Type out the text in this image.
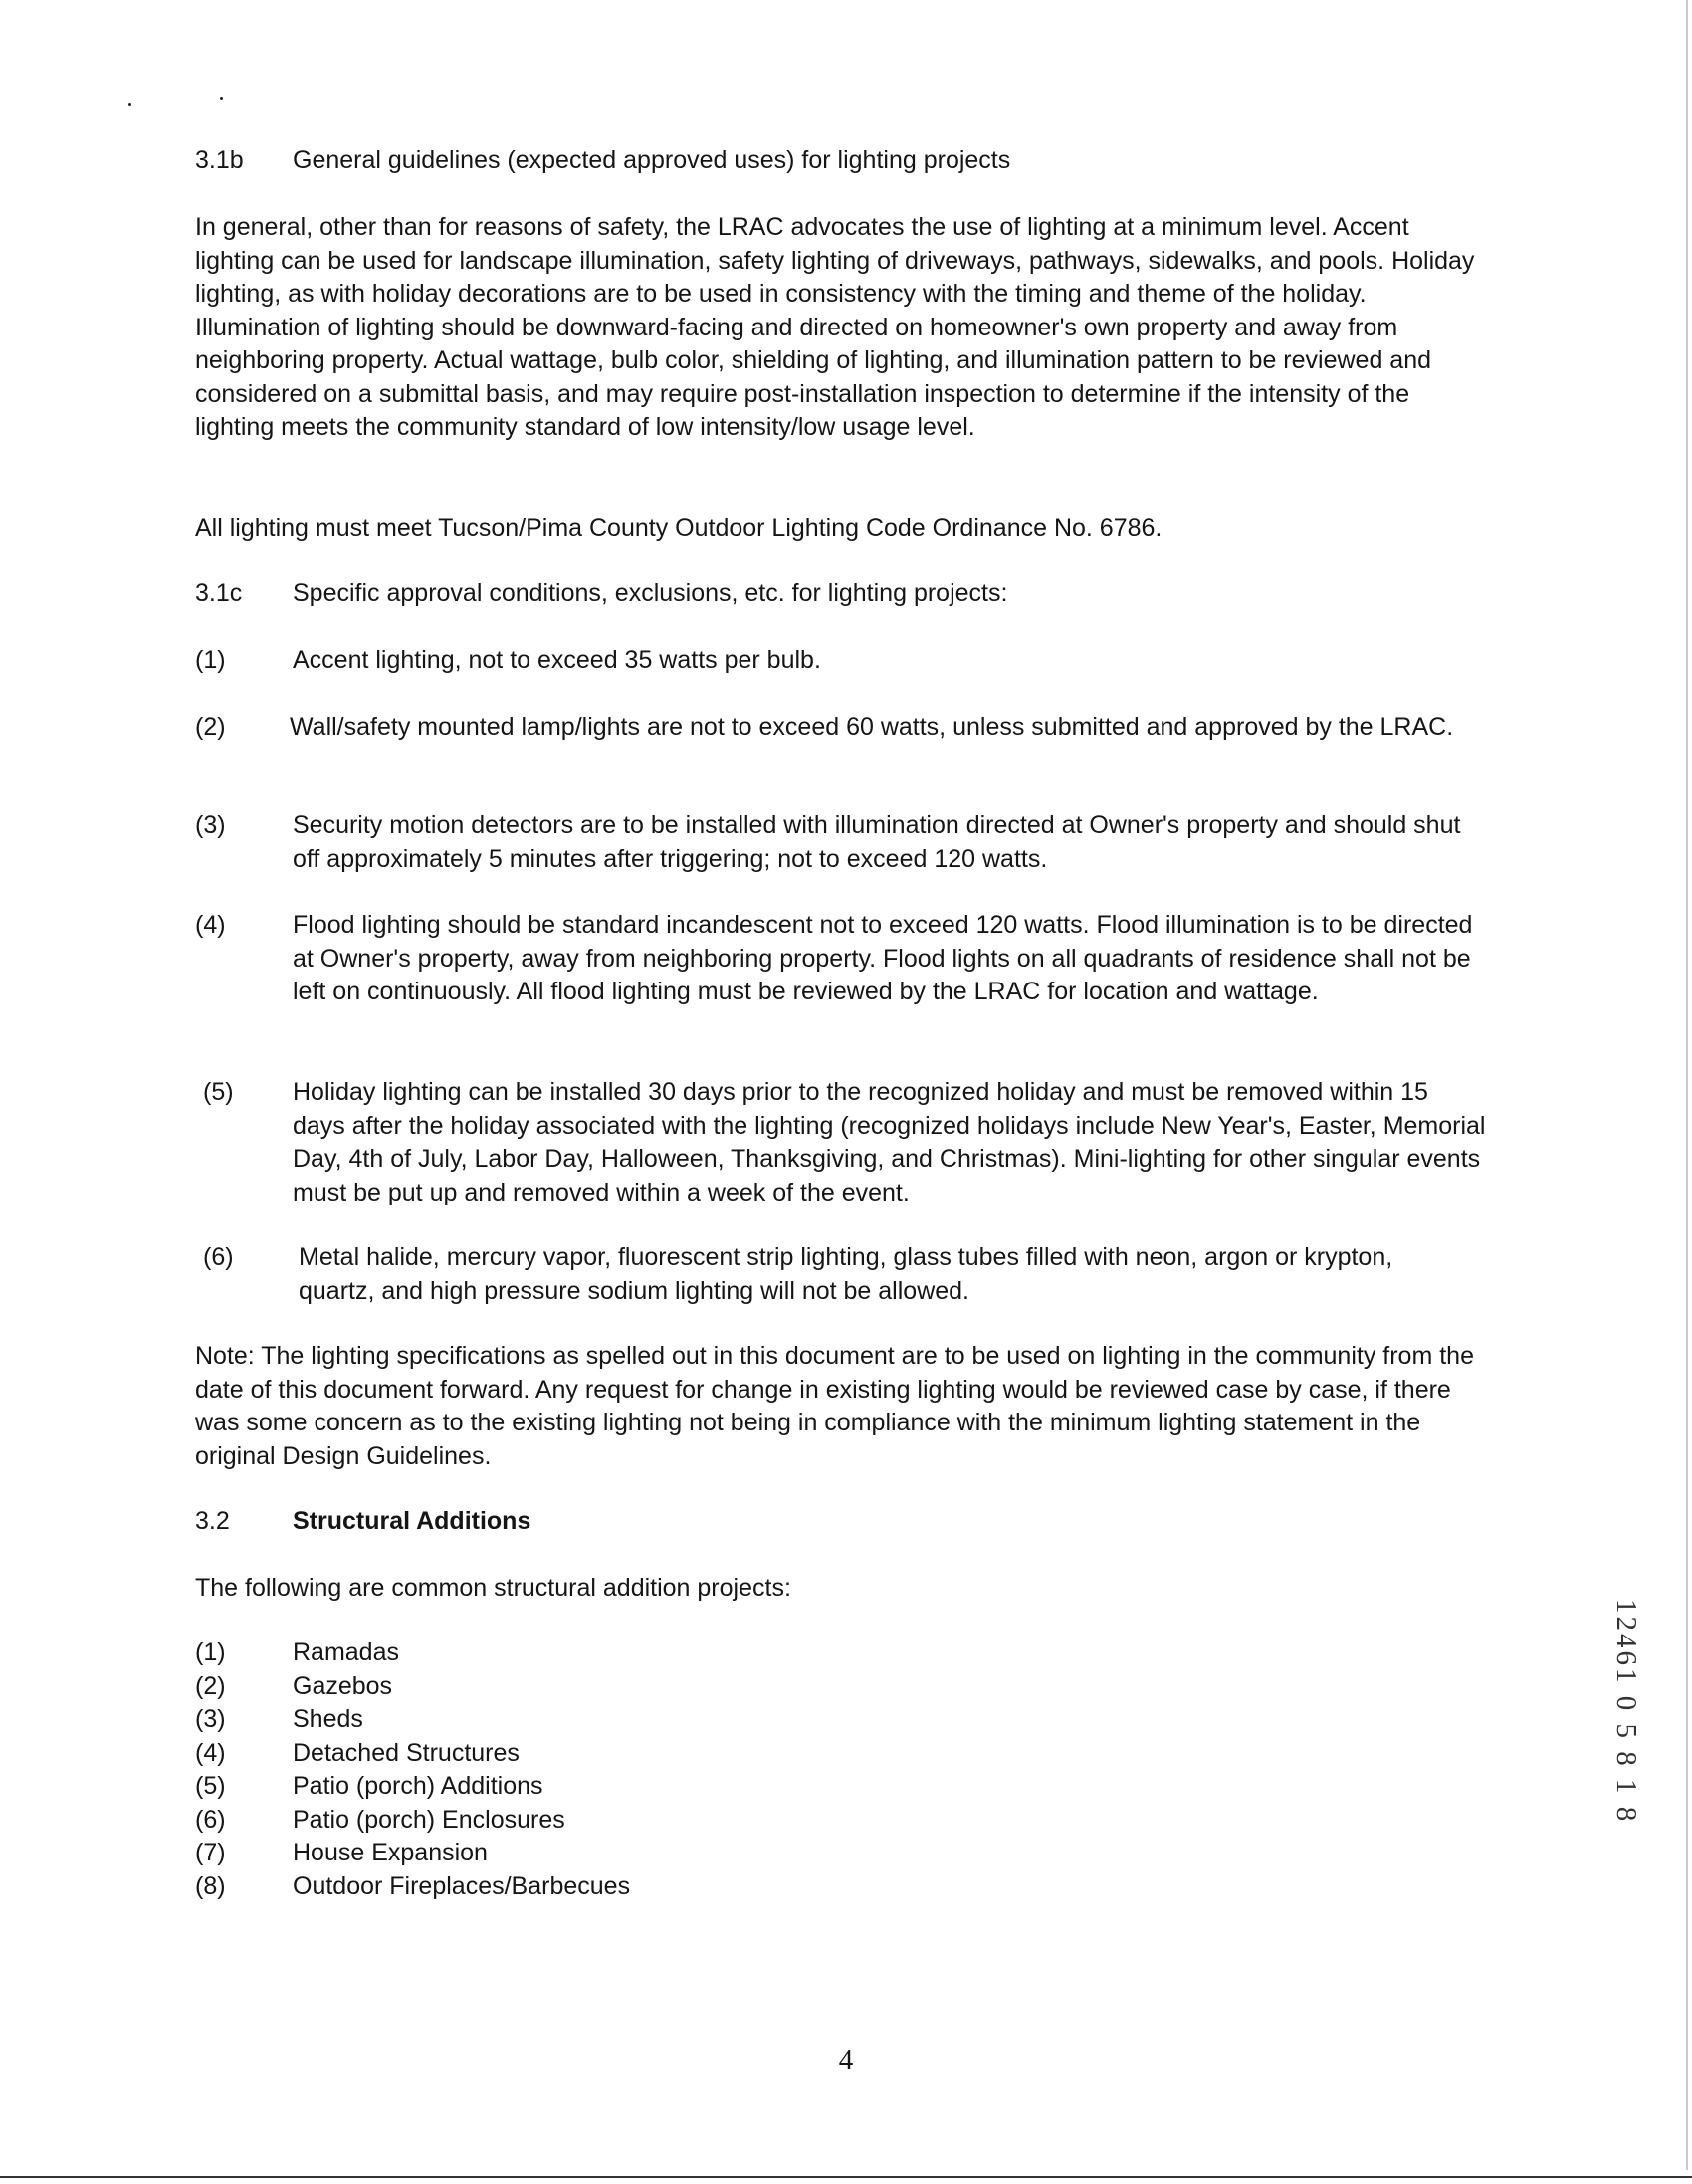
3.1b General guidelines (expected approved uses) for lighting projects

In general, other than for reasons of safety, the LRAC advocates the use of lighting at a minimum level. Accent lighting can be used for landscape illumination, safety lighting of driveways, pathways, sidewalks, and pools. Holiday lighting, as with holiday decorations are to be used in consistency with the timing and theme of the holiday. Illumination of lighting should be downward-facing and directed on homeowner's own property and away from neighboring property. Actual wattage, bulb color, shielding of lighting, and illumination pattern to be reviewed and considered on a submittal basis, and may require post-installation inspection to determine if the intensity of the lighting meets the community standard of low intensity/low usage level.

All lighting must meet Tucson/Pima County Outdoor Lighting Code Ordinance No. 6786.

3.1c Specific approval conditions, exclusions, etc. for lighting projects:
(1)	Accent lighting, not to exceed 35 watts per bulb.
(2)	Wall/safety mounted lamp/lights are not to exceed 60 watts, unless submitted and approved by the LRAC.
(3)	Security motion detectors are to be installed with illumination directed at Owner's property and should shut off approximately 5 minutes after triggering; not to exceed 120 watts.
(4)	Flood lighting should be standard incandescent not to exceed 120 watts. Flood illumination is to be directed at Owner's property, away from neighboring property. Flood lights on all quadrants of residence shall not be left on continuously. All flood lighting must be reviewed by the LRAC for location and wattage.
(5) Holiday lighting can be installed 30 days prior to the recognized holiday and must be removed within 15 days after the holiday associated with the lighting (recognized holidays include New Year's, Easter, Memorial Day, 4th of July, Labor Day, Halloween, Thanksgiving, and Christmas). Mini-lighting for other singular events must be put up and removed within a week of the event.
(6)	Metal halide, mercury vapor, fluorescent strip lighting, glass tubes filled with neon, argon or krypton, quartz, and high pressure sodium lighting will not be allowed.

Note: The lighting specifications as spelled out in this document are to be used on lighting in the community from the date of this document forward. Any request for change in existing lighting would be reviewed case by case, if there was some concern as to the existing lighting not being in compliance with the minimum lighting statement in the original Design Guidelines.

3.2	Structural Additions

The following are common structural addition projects:

(1)	Ramadas
(2)	Gazebos
(3)	Sheds
(4)	Detached Structures
(5)	Patio (porch) Additions
(6)	Patio (porch) Enclosures
(7)	House Expansion
(8)	Outdoor Fireplaces/Barbecues
12461 0 5 8 1 8
4
